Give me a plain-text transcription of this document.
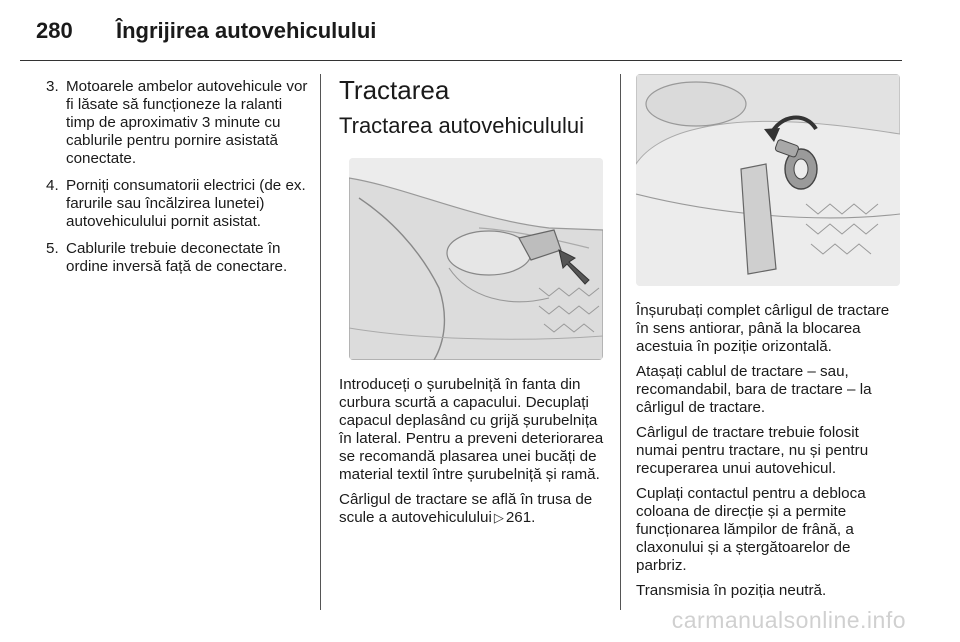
280 Îngrijirea autovehiculului
3. Motoarele ambelor autovehicule vor fi lăsate să funcționeze la ralanti timp de aproximativ 3 minute cu cablurile pentru pornire asistată conectate.
4. Porniți consumatorii electrici (de ex. farurile sau încălzirea lunetei) autovehiculului pornit asistat.
5. Cablurile trebuie deconectate în ordine inversă față de conectare.
Tractarea
Tractarea autovehiculului

Introduceți o șurubelniță în fanta din curbura scurtă a capacului. Decuplați capacul deplasând cu grijă șurubelnița în lateral. Pentru a preveni deteriorarea se recomandă plasarea unei bucăți de material textil între șurubelniță și ramă.

Cârligul de tractare se află în trusa de scule a autovehiculului ▷ 261.

Înșurubați complet cârligul de tractare în sens antiorar, până la blocarea acestuia în poziție orizontală.

Atașați cablul de tractare – sau, recomandabil, bara de tractare – la cârligul de tractare.

Cârligul de tractare trebuie folosit numai pentru tractare, nu și pentru recuperarea unui autovehicul.

Cuplați contactul pentru a debloca coloana de direcție și a permite funcționarea lămpilor de frână, a claxonului și a ștergătoarelor de parbriz.

Transmisia în poziția neutră.

carmanualsonline.info
